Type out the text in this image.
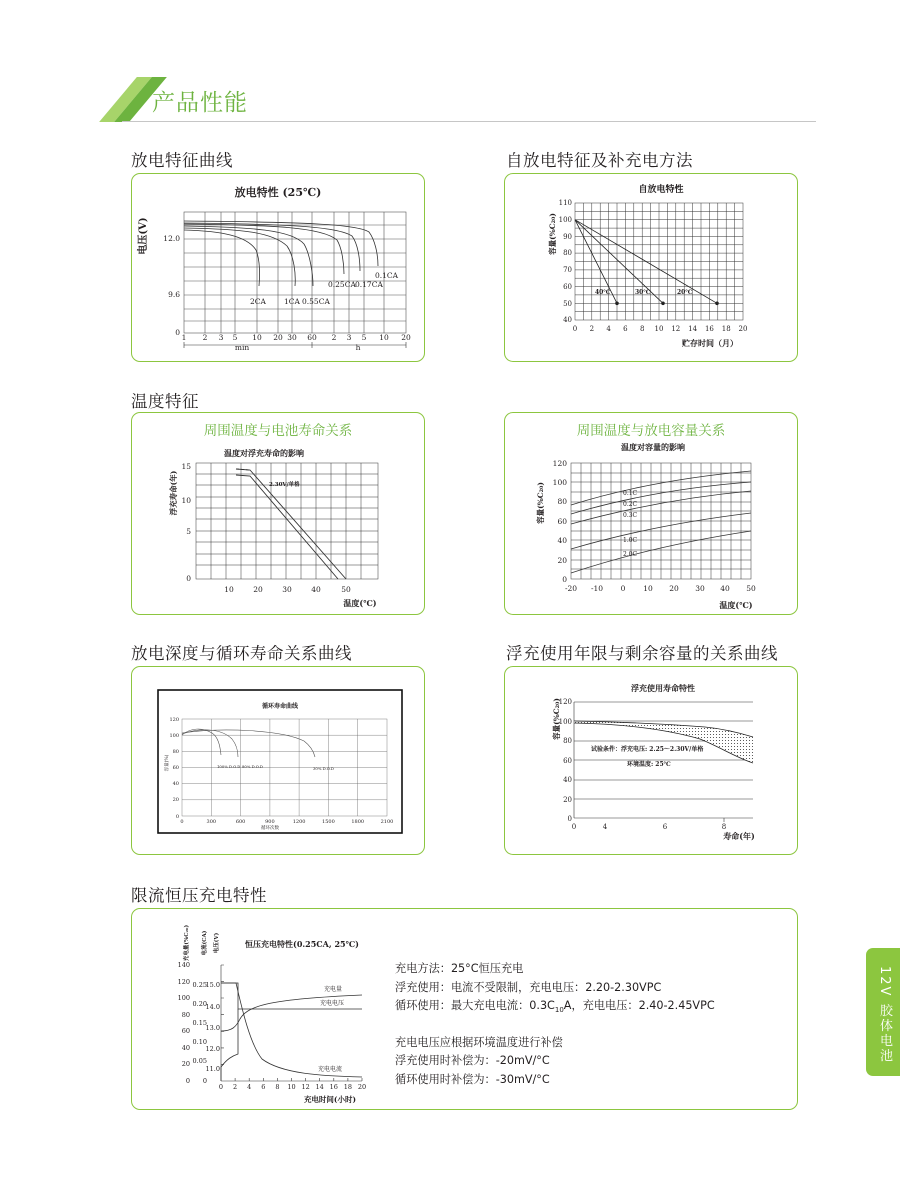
产品性能
放电特征曲线	自放电特征及补充电方法
温度特征
放电深度与循环寿命关系曲线	浮充使用年限与剩余容量的关系曲线
限流恒压充电特性
放电特性 (25℃)
电压(V) 12.0
9.6
0
1 2 3 5 10 20 30 60 2 3 5 10 20
min	h
2CA 1CA 0.55CA
0.25CA 0.17CA
0.1CA
自放电特性
容量(%C₂₀)
110
100
90
80
70
60
50
40
0 2 4 6 8 10 12 14 16 18 20
贮存时间（月）
40℃	30℃	20℃
周围温度与电池寿命关系
温度对浮充寿命的影响
浮充寿命(年)
15
10
5
0
10	20	30	40	50
温度(℃)
2.30V/单格
周围温度与放电容量关系
温度对容量的影响
容量(%C₂₀)
120
100
80
60
40
20
0
-20 -10 0 10 20 30 40 50
温度(℃)
0.1C
0.2C
0.3C
1.0C
2.0C
循环寿命曲线
容量(%)
120
100
80
60
40
20
0
0	300	600	900	1200	1500	1800	2100
循环次数
100% D.O.D 80% D.O.D	30% D.O.D
浮充使用寿命特性
容量(%C₂₀)
120
100
80
60
40
20
0
0	4	6	8
寿命(年)
试验条件：浮充电压: 2.25～2.30V/单格
环境温度: 25℃
恒压充电特性(0.25CA, 25℃)
充电量(%C₂₀)	电流(CA)	电压(V)
140
120
100
80
60
40
20
0
0.25
0.20
0.15
0.10
0.05
0
15.0
14.0
13.0
12.0
11.0
0 2 4 6 8 10 12 14 16 18 20
充电时间(小时)
充电量
充电电压
充电电流
充电方法：25°C恒压充电
浮充使用：电流不受限制，充电电压：2.20-2.30VPC
循环使用：最大充电电流：$0.3C_{10}A$，充电电压：2.40-2.45VPC
充电电压应根据环境温度进行补偿
浮充使用时补偿为：-20mV/°C
循环使用时补偿为：-30mV/°C
12V 胶体电池
